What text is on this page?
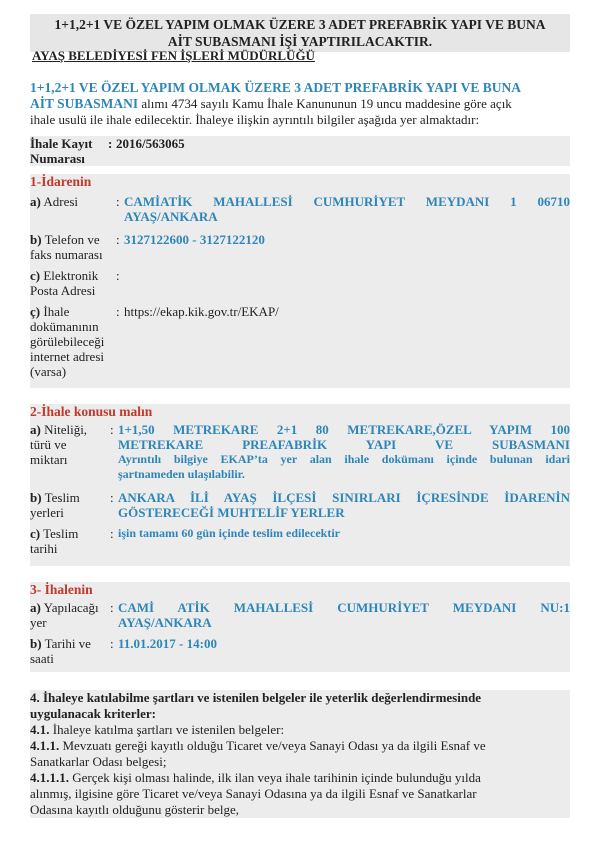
1+1,2+1 VE ÖZEL YAPIM OLMAK ÜZERE 3 ADET PREFABRİK YAPI VE BUNA
AİT SUBASMANI İŞİ YAPTIRILACAKTIR.
AYAŞ BELEDİYESİ FEN İŞLERİ MÜDÜRLÜĞÜ
1+1,2+1 VE ÖZEL YAPIM OLMAK ÜZERE 3 ADET PREFABRİK YAPI VE BUNA
AİT SUBASMANI alımı 4734 sayılı Kamu İhale Kanununun 19 uncu maddesine göre açık
ihale usulü ile ihale edilecektir. İhaleye ilişkin ayrıntılı bilgiler aşağıda yer almaktadır:
İhale Kayıt
Numarası
: 2016/563065
1-İdarenin
a) Adresi	: CAMİATİK MAHALLESİ CUMHURİYET MEYDANI 1 06710
AYAŞ/ANKARA
b) Telefon ve
faks numarası
: 3127122600 - 3127122120
c) Elektronik
Posta Adresi
:
ç) İhale
dokümanının
görülebileceği
internet adresi
(varsa)
: https://ekap.kik.gov.tr/EKAP/
2-İhale konusu malın
a) Niteliği,
türü ve
miktarı
: 1+1,50 METREKARE 2+1 80 METREKARE,ÖZEL YAPIM 100
METREKARE PREAFABRİK YAPI VE SUBASMANI
Ayrıntılı bilgiye EKAP’ta yer alan ihale dokümanı içinde bulunan idari
şartnameden ulaşılabilir.
b) Teslim
yerleri
: ANKARA İLİ AYAŞ İLÇESİ SINIRLARI İÇRESİNDE İDARENİN
GÖSTERECEĞİ MUHTELİF YERLER
c) Teslim
tarihi
: işin tamamı 60 gün içinde teslim edilecektir
3- İhalenin
a) Yapılacağı
yer
: CAMİ ATİK MAHALLESİ CUMHURİYET MEYDANI NU:1
AYAŞ/ANKARA
b) Tarihi ve
saati
: 11.01.2017 - 14:00
4. İhaleye katılabilme şartları ve istenilen belgeler ile yeterlik değerlendirmesinde
uygulanacak kriterler:
4.1. İhaleye katılma şartları ve istenilen belgeler:
4.1.1. Mevzuatı gereği kayıtlı olduğu Ticaret ve/veya Sanayi Odası ya da ilgili Esnaf ve
Sanatkarlar Odası belgesi;
4.1.1.1. Gerçek kişi olması halinde, ilk ilan veya ihale tarihinin içinde bulunduğu yılda
alınmış, ilgisine göre Ticaret ve/veya Sanayi Odasına ya da ilgili Esnaf ve Sanatkarlar
Odasına kayıtlı olduğunu gösterir belge,
